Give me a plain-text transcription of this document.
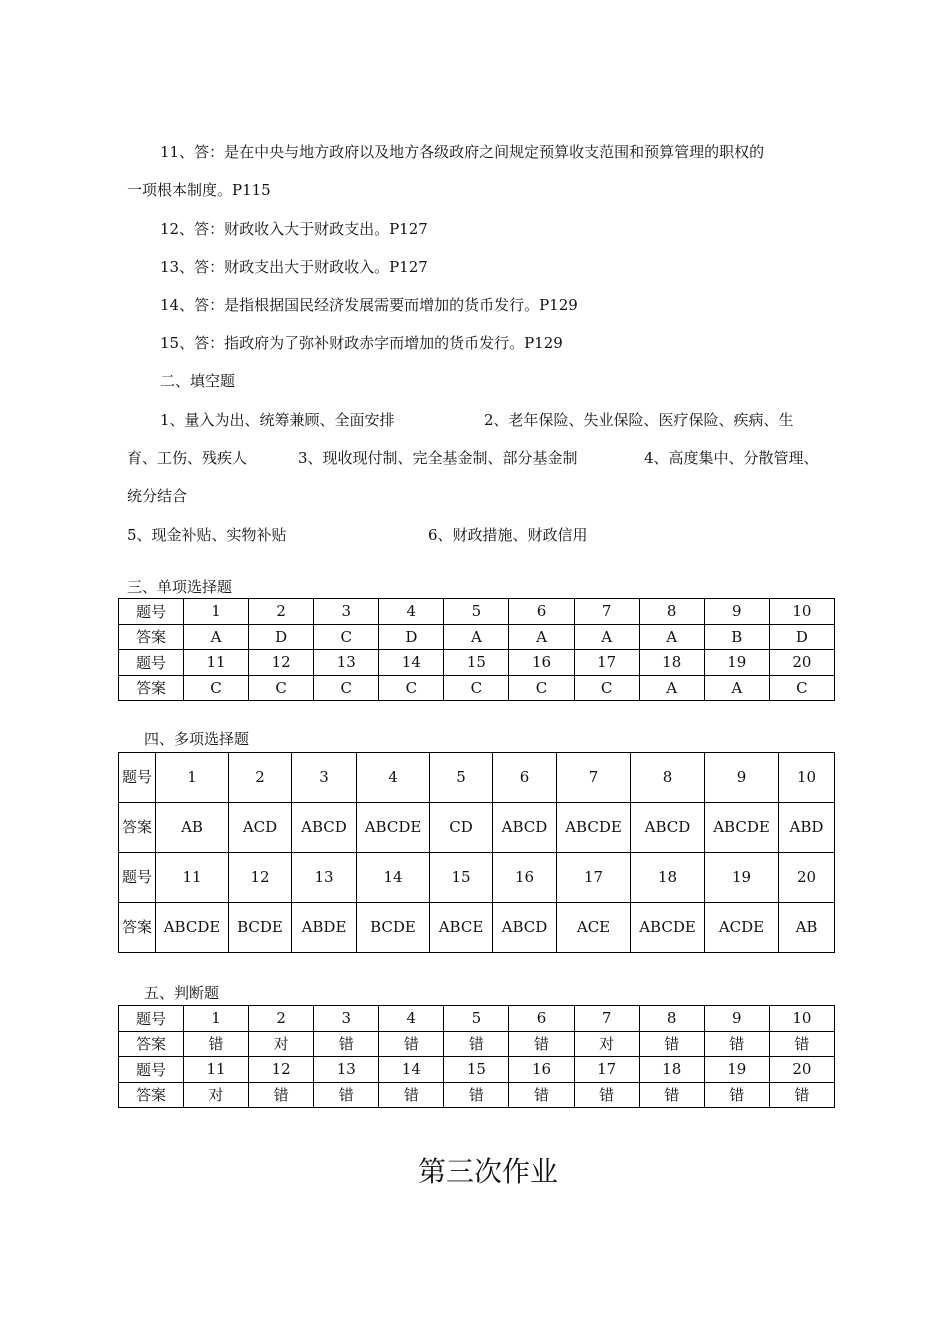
11、答：是在中央与地方政府以及地方各级政府之间规定预算收支范围和预算管理的职权的
一项根本制度。P115
12、答：财政收入大于财政支出。P127
13、答：财政支出大于财政收入。P127
14、答：是指根据国民经济发展需要而增加的货币发行。P129
15、答：指政府为了弥补财政赤字而增加的货币发行。P129
二、填空题
1、量入为出、统筹兼顾、全面安排	2、老年保险、失业保险、医疗保险、疾病、生
育、工伤、残疾人	3、现收现付制、完全基金制、部分基金制	4、高度集中、分散管理、
统分结合
5、现金补贴、实物补贴	6、财政措施、财政信用
三、单项选择题
题号	1	2	3	4	5	6	7	8	9	10
答案	A	D	C	D	A	A	A	A	B	D
题号	11	12	13	14	15	16	17	18	19	20
答案	C	C	C	C	C	C	C	A	A	C
四、多项选择题
题号	1	2	3	4	5	6	7	8	9	10
答案	AB	ACD	ABCD	ABCDE	CD	ABCD	ABCDE	ABCD	ABCDE	ABD
题号	11	12	13	14	15	16	17	18	19	20
答案	ABCDE	BCDE	ABDE	BCDE	ABCE	ABCD	ACE	ABCDE	ACDE	AB
五、判断题
题号	1	2	3	4	5	6	7	8	9	10
答案	错	对	错	错	错	错	对	错	错	错
题号	11	12	13	14	15	16	17	18	19	20
答案	对	错	错	错	错	错	错	错	错	错
第三次作业
